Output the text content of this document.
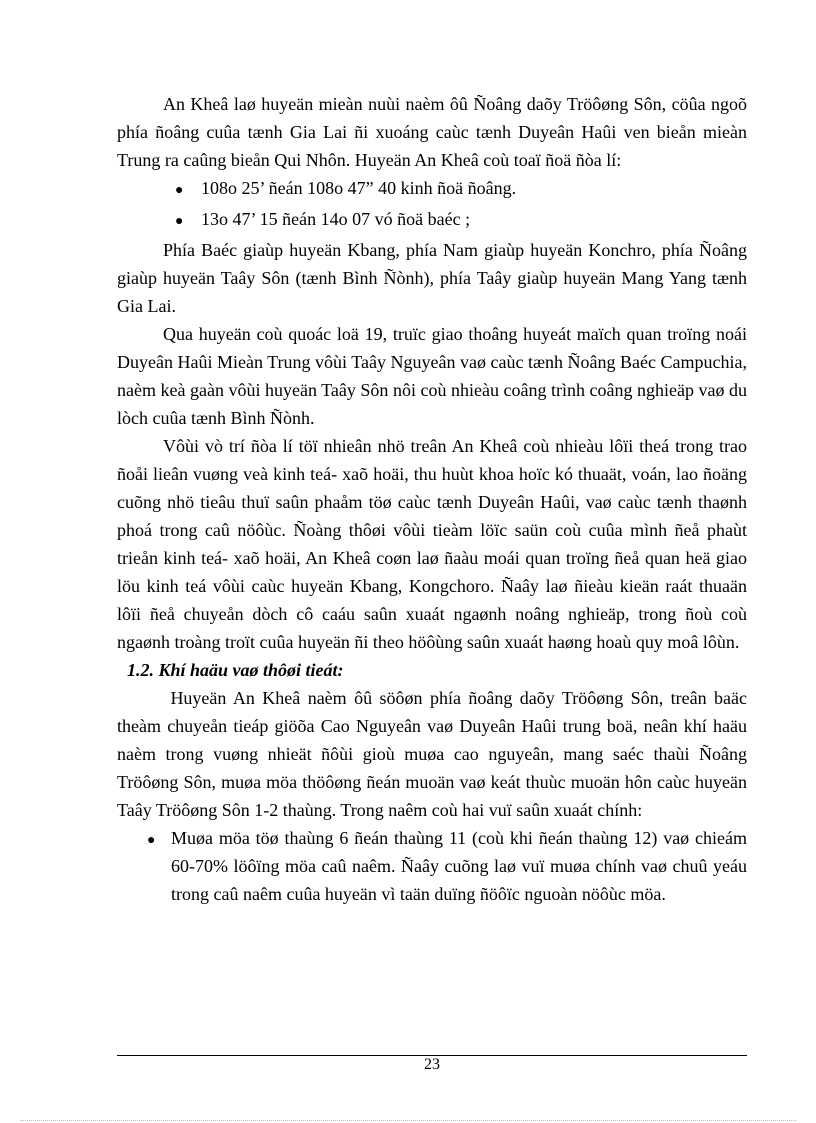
An Kheâ laø huyeän mieàn nuùi naèm ôû Ñoâng daõy Tröôøng Sôn, cöûa ngoõ phía ñoâng cuûa tænh Gia Lai ñi xuoáng caùc tænh Duyeân Haûi ven bieån mieàn Trung ra caûng bieån Qui Nhôn. Huyeän An Kheâ coù toaï ñoä ñòa lí:

● 108o 25’ ñeán 108o 47” 40 kinh ñoä ñoâng.
● 13o 47’ 15 ñeán 14o 07 vó ñoä baéc ;

Phía Baéc giaùp huyeän Kbang, phía Nam giaùp huyeän Konchro, phía Ñoâng giaùp huyeän Taây Sôn (tænh Bình Ñònh), phía Taây giaùp huyeän Mang Yang tænh Gia Lai.

Qua huyeän coù quoác loä 19, truïc giao thoâng huyeát maïch quan troïng noái Duyeân Haûi Mieàn Trung vôùi Taây Nguyeân vaø caùc tænh Ñoâng Baéc Campuchia, naèm keà gaàn vôùi huyeän Taây Sôn nôi coù nhieàu coâng trình coâng nghieäp vaø du lòch cuûa tænh Bình Ñònh.

Vôùi vò trí ñòa lí töï nhieân nhö treân An Kheâ coù nhieàu lôïi theá trong trao ñoåi lieân vuøng veà kinh teá- xaõ hoäi, thu huùt khoa hoïc kó thuaät, voán, lao ñoäng cuõng nhö tieâu thuï saûn phaåm töø caùc tænh Duyeân Haûi, vaø caùc tænh thaønh phoá trong caû nöôùc. Ñoàng thôøi vôùi tieàm löïc saün coù cuûa mình ñeå phaùt trieån kinh teá- xaõ hoäi, An Kheâ coøn laø ñaàu moái quan troïng ñeå quan heä giao löu kinh teá vôùi caùc huyeän Kbang, Kongchoro. Ñaây laø ñieàu kieän raát thuaän lôïi ñeå chuyeån dòch cô caáu saûn xuaát ngaønh noâng nghieäp, trong ñoù coù ngaønh troàng troït cuûa huyeän ñi theo höôùng saûn xuaát haøng hoaù quy moâ lôùn.

1.2. Khí haäu vaø thôøi tieát:

Huyeän An Kheâ naèm ôû söôøn phía ñoâng daõy Tröôøng Sôn, treân baäc theàm chuyeån tieáp giöõa Cao Nguyeân vaø Duyeân Haûi trung boä, neân khí haäu naèm trong vuøng nhieät ñôùi gioù muøa cao nguyeân, mang saéc thaùi Ñoâng Tröôøng Sôn, muøa möa thöôøng ñeán muoän vaø keát thuùc muoän hôn caùc huyeän Taây Tröôøng Sôn 1-2 thaùng. Trong naêm coù hai vuï saûn xuaát chính:

● Muøa möa töø thaùng 6 ñeán thaùng 11 (coù khi ñeán thaùng 12) vaø chieám 60-70% löôïng möa caû naêm. Ñaây cuõng laø vuï muøa chính vaø chuû yeáu trong caû naêm cuûa huyeän vì taän duïng ñöôïc nguoàn nöôùc möa.
23
